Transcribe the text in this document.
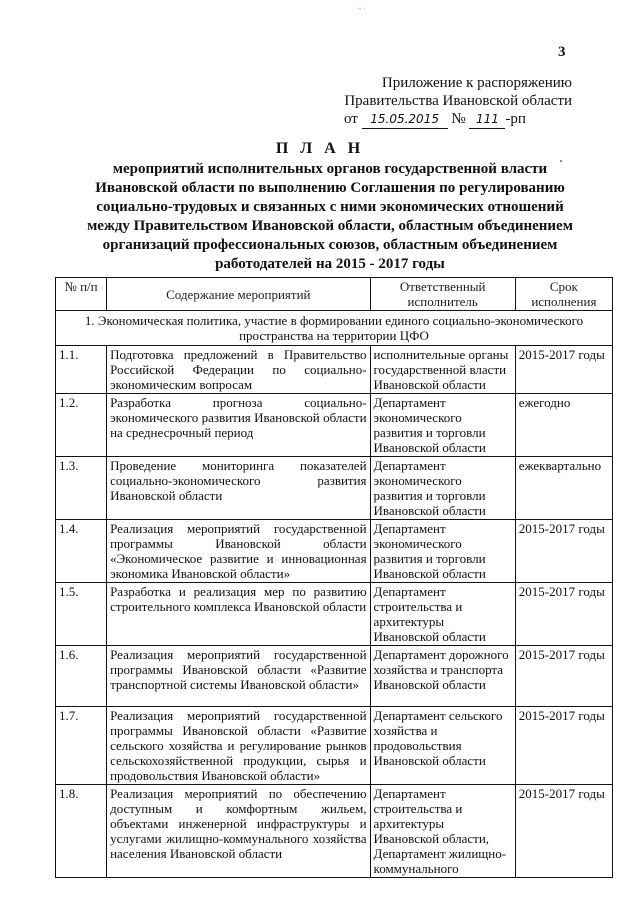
·‐ ·
3
Приложение к распоряжению
Правительства Ивановской области
от 15.05.2015 № 111 -рп
П Л А Н
мероприятий исполнительных органов государственной власти Ивановской области по выполнению Соглашения по регулированию социально-трудовых и связанных с ними экономических отношений между Правительством Ивановской области, областным объединением организаций профессиональных союзов, областным объединением работодателей на 2015 - 2017 годы
№ п/п	Содержание мероприятий	Ответственный исполнитель	Срок исполнения
1. Экономическая политика, участие в формировании единого социально-экономического пространства на территории ЦФО			
1.1.	Подготовка предложений в Правительство Российской Федерации по социально-экономическим вопросам	исполнительные органы государственной власти Ивановской области	2015-2017 годы
1.2.	Разработка прогноза социально-экономического развития Ивановской области на среднесрочный период	Департамент экономического развития и торговли Ивановской области	ежегодно
1.3.	Проведение мониторинга показателей социально-экономического развития Ивановской области	Департамент экономического развития и торговли Ивановской области	ежеквартально
1.4.	Реализация мероприятий государственной программы Ивановской области «Экономическое развитие и инновационная экономика Ивановской области»	Департамент экономического развития и торговли Ивановской области	2015-2017 годы
1.5.	Разработка и реализация мер по развитию строительного комплекса Ивановской области	Департамент строительства и архитектуры Ивановской области	2015-2017 годы
1.6.	Реализация мероприятий государственной программы Ивановской области «Развитие транспортной системы Ивановской области»	Департамент дорожного хозяйства и транспорта Ивановской области	2015-2017 годы
1.7.	Реализация мероприятий государственной программы Ивановской области «Развитие сельского хозяйства и регулирование рынков сельскохозяйственной продукции, сырья и продовольствия Ивановской области»	Департамент сельского хозяйства и продовольствия Ивановской области	2015-2017 годы
1.8.	Реализация мероприятий по обеспечению доступным и комфортным жильем, объектами инженерной инфраструктуры и услугами жилищно-коммунального хозяйства населения Ивановской области	Департамент строительства и архитектуры Ивановской области, Департамент жилищно-коммунального	2015-2017 годы
